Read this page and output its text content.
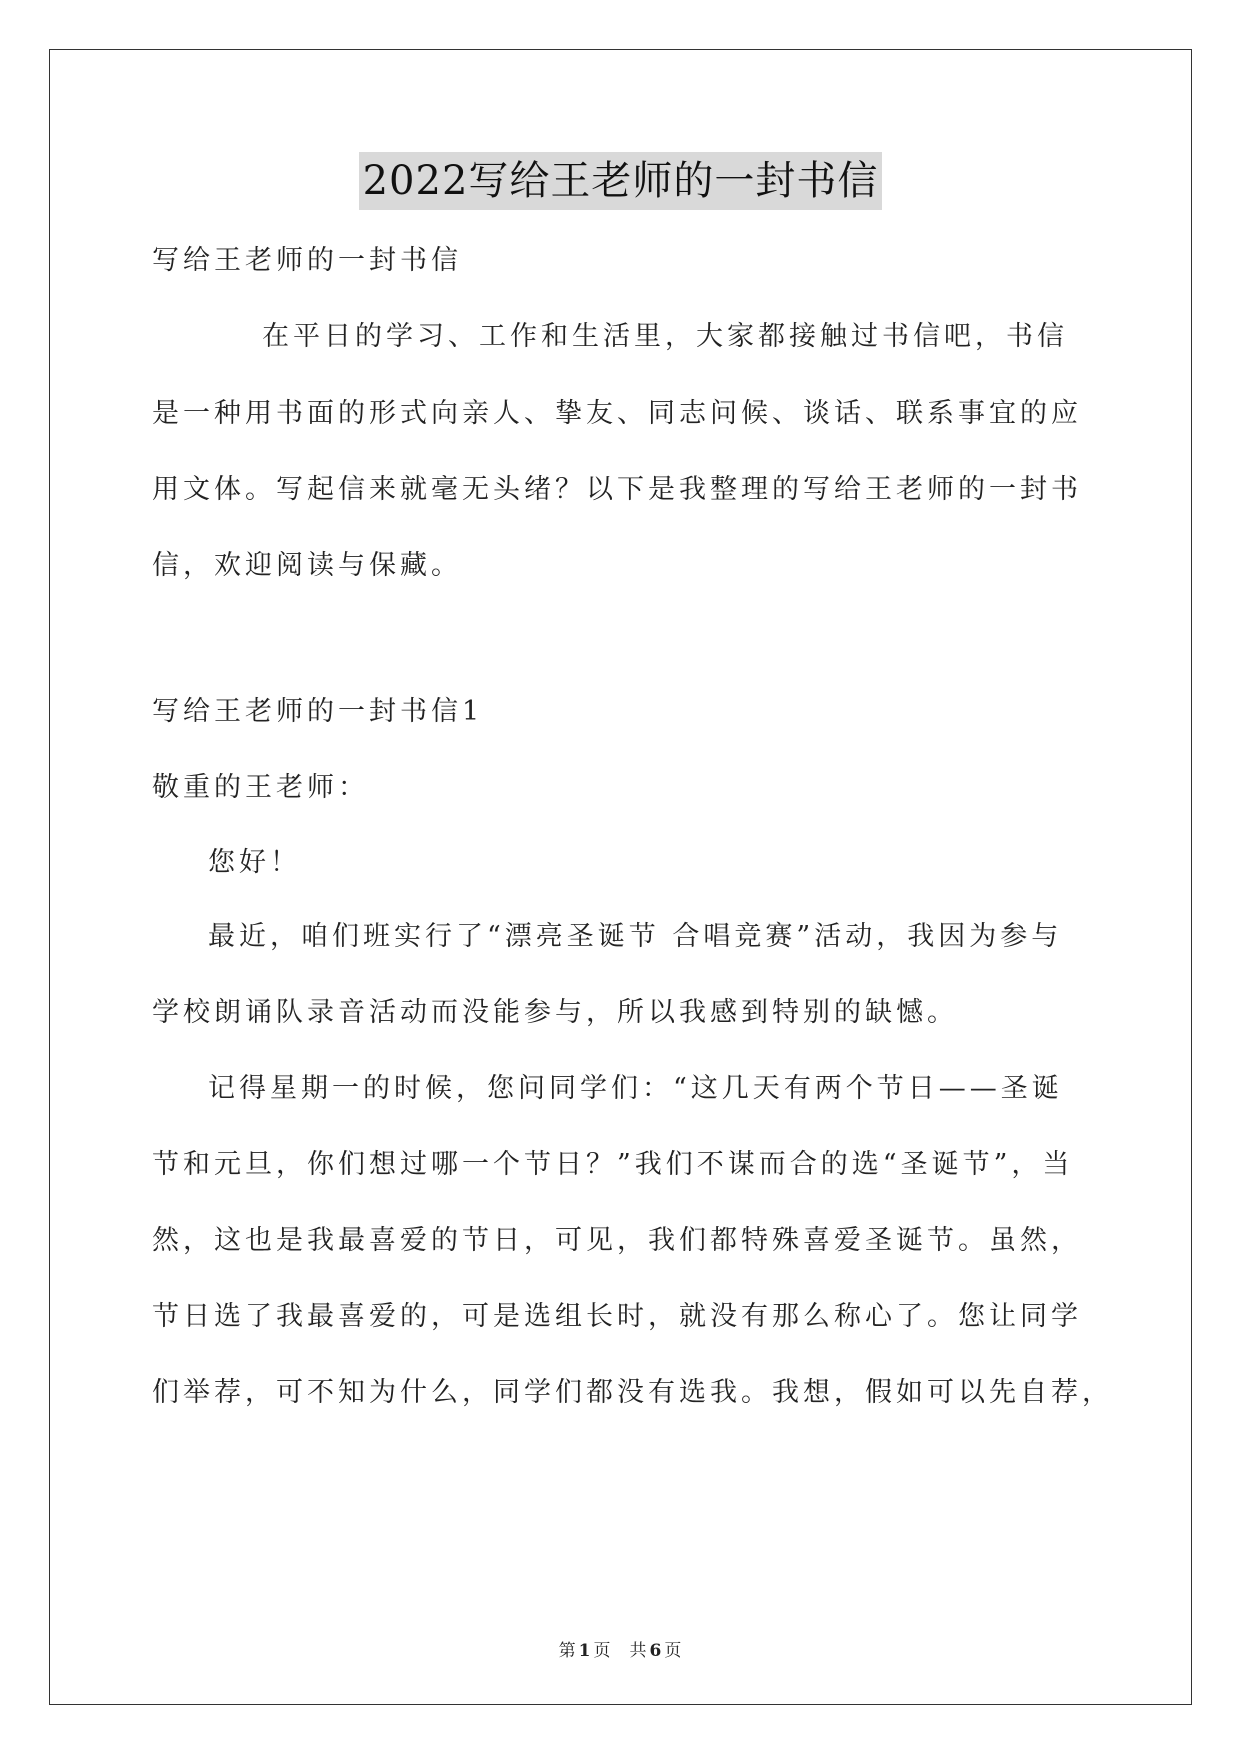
2022写给王老师的一封书信
写给王老师的一封书信
在平日的学习、工作和生活里，大家都接触过书信吧，书信
是一种用书面的形式向亲人、挚友、同志问候、谈话、联系事宜的应
用文体。写起信来就毫无头绪？以下是我整理的写给王老师的一封书
信，欢迎阅读与保藏。
写给王老师的一封书信1
敬重的王老师：
您好！
最近，咱们班实行了“漂亮圣诞节 合唱竞赛”活动，我因为参与
学校朗诵队录音活动而没能参与，所以我感到特别的缺憾。
记得星期一的时候，您问同学们：“这几天有两个节日——圣诞
节和元旦，你们想过哪一个节日？”我们不谋而合的选“圣诞节”，当
然，这也是我最喜爱的节日，可见，我们都特殊喜爱圣诞节。虽然，
节日选了我最喜爱的，可是选组长时，就没有那么称心了。您让同学
们举荐，可不知为什么，同学们都没有选我。我想，假如可以先自荐，
第 1 页 共 6 页
